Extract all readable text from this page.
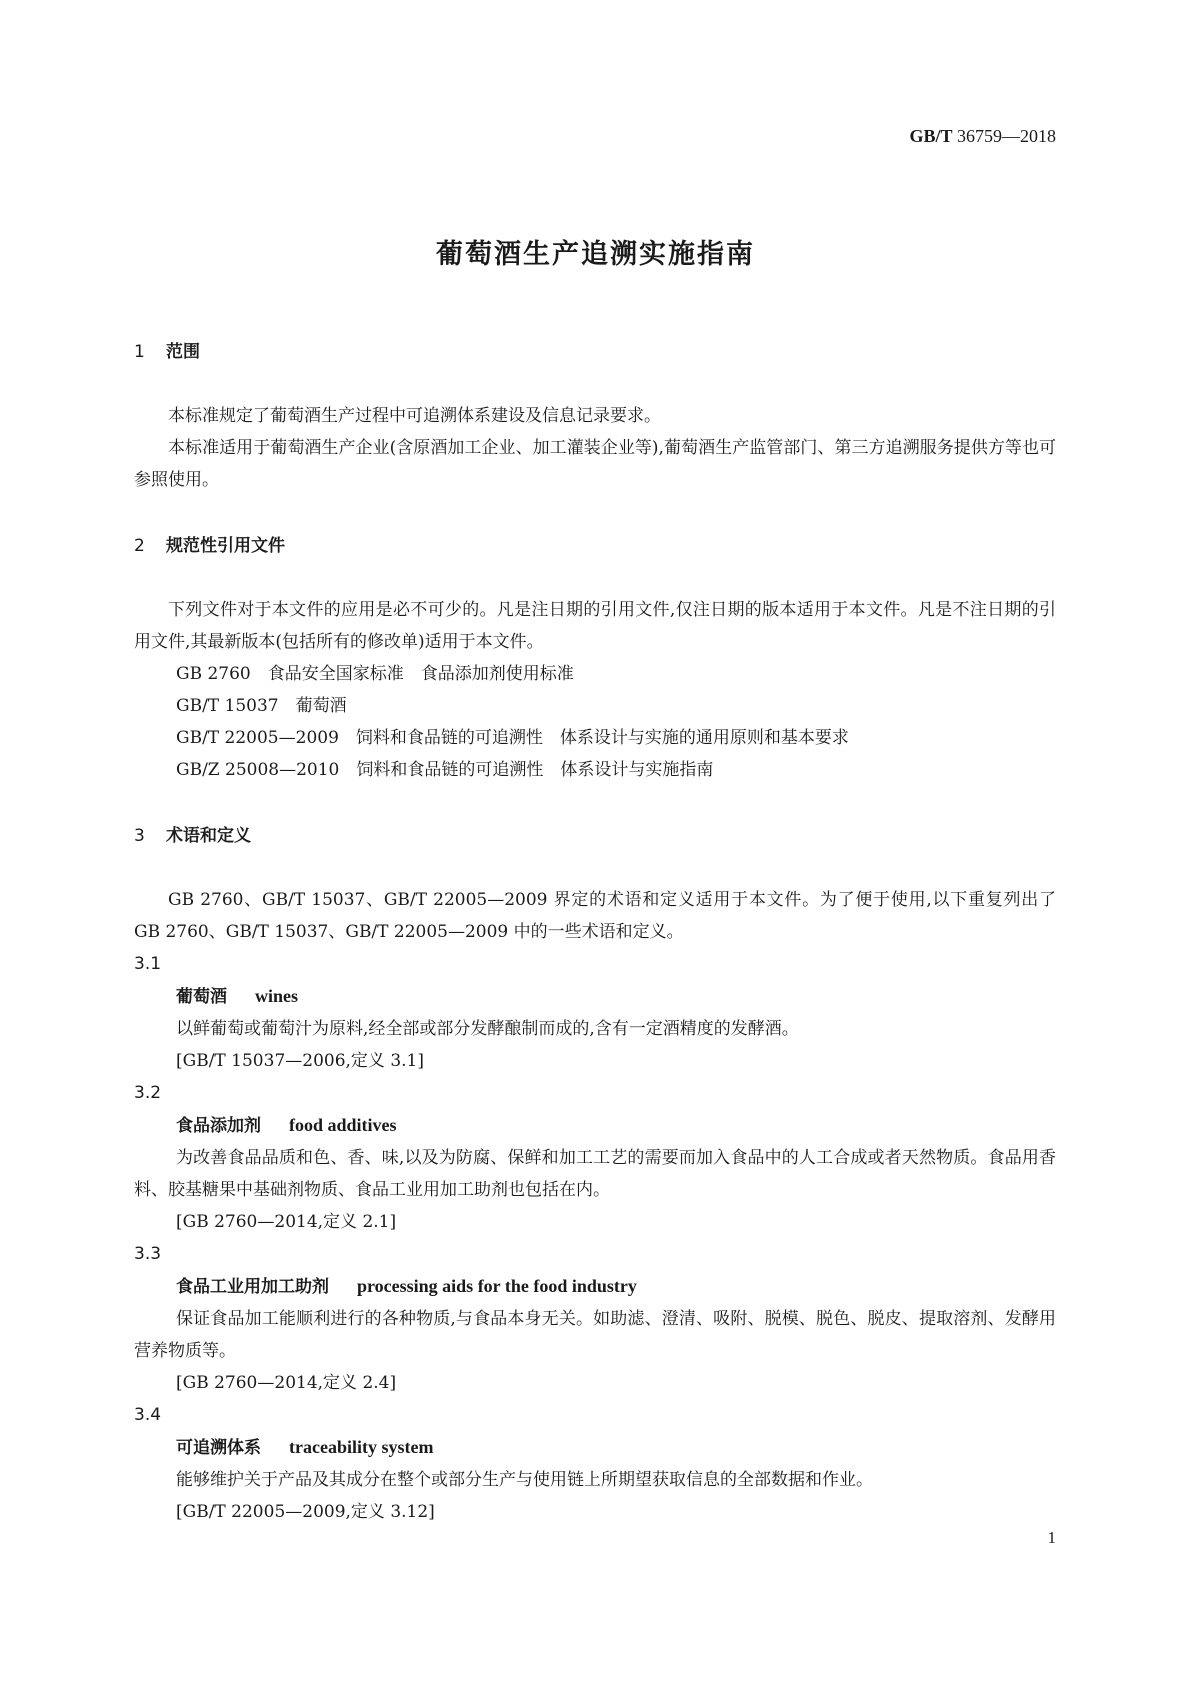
GB/T 36759—2018
葡萄酒生产追溯实施指南
1 范围
本标准规定了葡萄酒生产过程中可追溯体系建设及信息记录要求。
本标准适用于葡萄酒生产企业(含原酒加工企业、加工灌装企业等),葡萄酒生产监管部门、第三方追溯服务提供方等也可参照使用。
2 规范性引用文件
下列文件对于本文件的应用是必不可少的。凡是注日期的引用文件,仅注日期的版本适用于本文件。凡是不注日期的引用文件,其最新版本(包括所有的修改单)适用于本文件。
GB 2760　食品安全国家标准　食品添加剂使用标准
GB/T 15037　葡萄酒
GB/T 22005—2009　饲料和食品链的可追溯性　体系设计与实施的通用原则和基本要求
GB/Z 25008—2010　饲料和食品链的可追溯性　体系设计与实施指南
3 术语和定义
GB 2760、GB/T 15037、GB/T 22005—2009 界定的术语和定义适用于本文件。为了便于使用,以下重复列出了 GB 2760、GB/T 15037、GB/T 22005—2009 中的一些术语和定义。
3.1
葡萄酒 wines
以鲜葡萄或葡萄汁为原料,经全部或部分发酵酿制而成的,含有一定酒精度的发酵酒。
[GB/T 15037—2006,定义 3.1]
3.2
食品添加剂 food additives
为改善食品品质和色、香、味,以及为防腐、保鲜和加工工艺的需要而加入食品中的人工合成或者天然物质。食品用香料、胶基糖果中基础剂物质、食品工业用加工助剂也包括在内。
[GB 2760—2014,定义 2.1]
3.3
食品工业用加工助剂 processing aids for the food industry
保证食品加工能顺利进行的各种物质,与食品本身无关。如助滤、澄清、吸附、脱模、脱色、脱皮、提取溶剂、发酵用营养物质等。
[GB 2760—2014,定义 2.4]
3.4
可追溯体系 traceability system
能够维护关于产品及其成分在整个或部分生产与使用链上所期望获取信息的全部数据和作业。
[GB/T 22005—2009,定义 3.12]
1
